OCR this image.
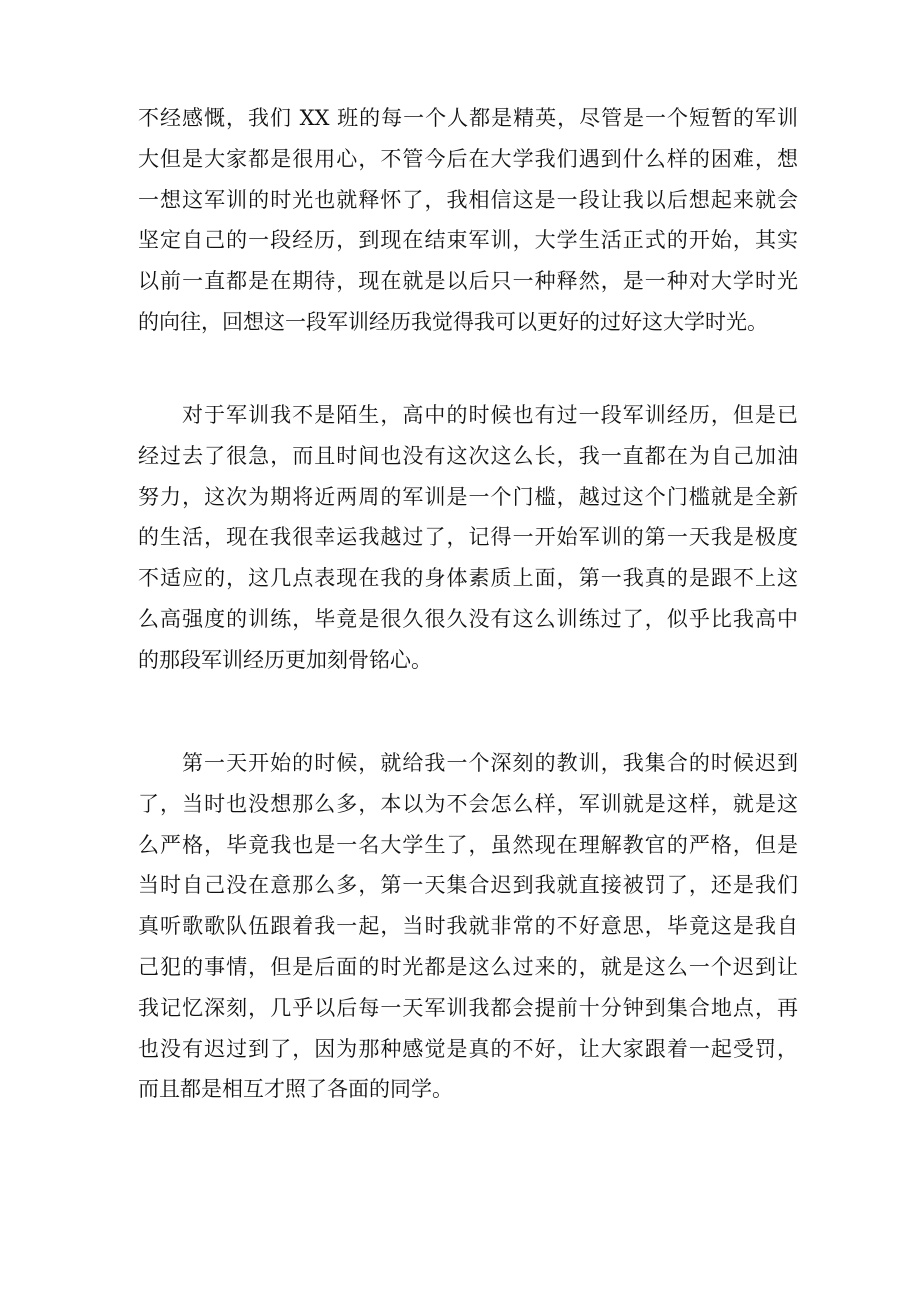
不经感慨，我们 XX 班的每一个人都是精英，尽管是一个短暂的军训
大但是大家都是很用心，不管今后在大学我们遇到什么样的困难，想
一想这军训的时光也就释怀了，我相信这是一段让我以后想起来就会
坚定自己的一段经历，到现在结束军训，大学生活正式的开始，其实
以前一直都是在期待，现在就是以后只一种释然，是一种对大学时光
的向往，回想这一段军训经历我觉得我可以更好的过好这大学时光。
对于军训我不是陌生，高中的时候也有过一段军训经历，但是已
经过去了很急，而且时间也没有这次这么长，我一直都在为自己加油
努力，这次为期将近两周的军训是一个门槛，越过这个门槛就是全新
的生活，现在我很幸运我越过了，记得一开始军训的第一天我是极度
不适应的，这几点表现在我的身体素质上面，第一我真的是跟不上这
么高强度的训练，毕竟是很久很久没有这么训练过了，似乎比我高中
的那段军训经历更加刻骨铭心。
第一天开始的时候，就给我一个深刻的教训，我集合的时候迟到
了，当时也没想那么多，本以为不会怎么样，军训就是这样，就是这
么严格，毕竟我也是一名大学生了，虽然现在理解教官的严格，但是
当时自己没在意那么多，第一天集合迟到我就直接被罚了，还是我们
真听歌歌队伍跟着我一起，当时我就非常的不好意思，毕竟这是我自
己犯的事情，但是后面的时光都是这么过来的，就是这么一个迟到让
我记忆深刻，几乎以后每一天军训我都会提前十分钟到集合地点，再
也没有迟过到了，因为那种感觉是真的不好，让大家跟着一起受罚，
而且都是相互才照了各面的同学。
